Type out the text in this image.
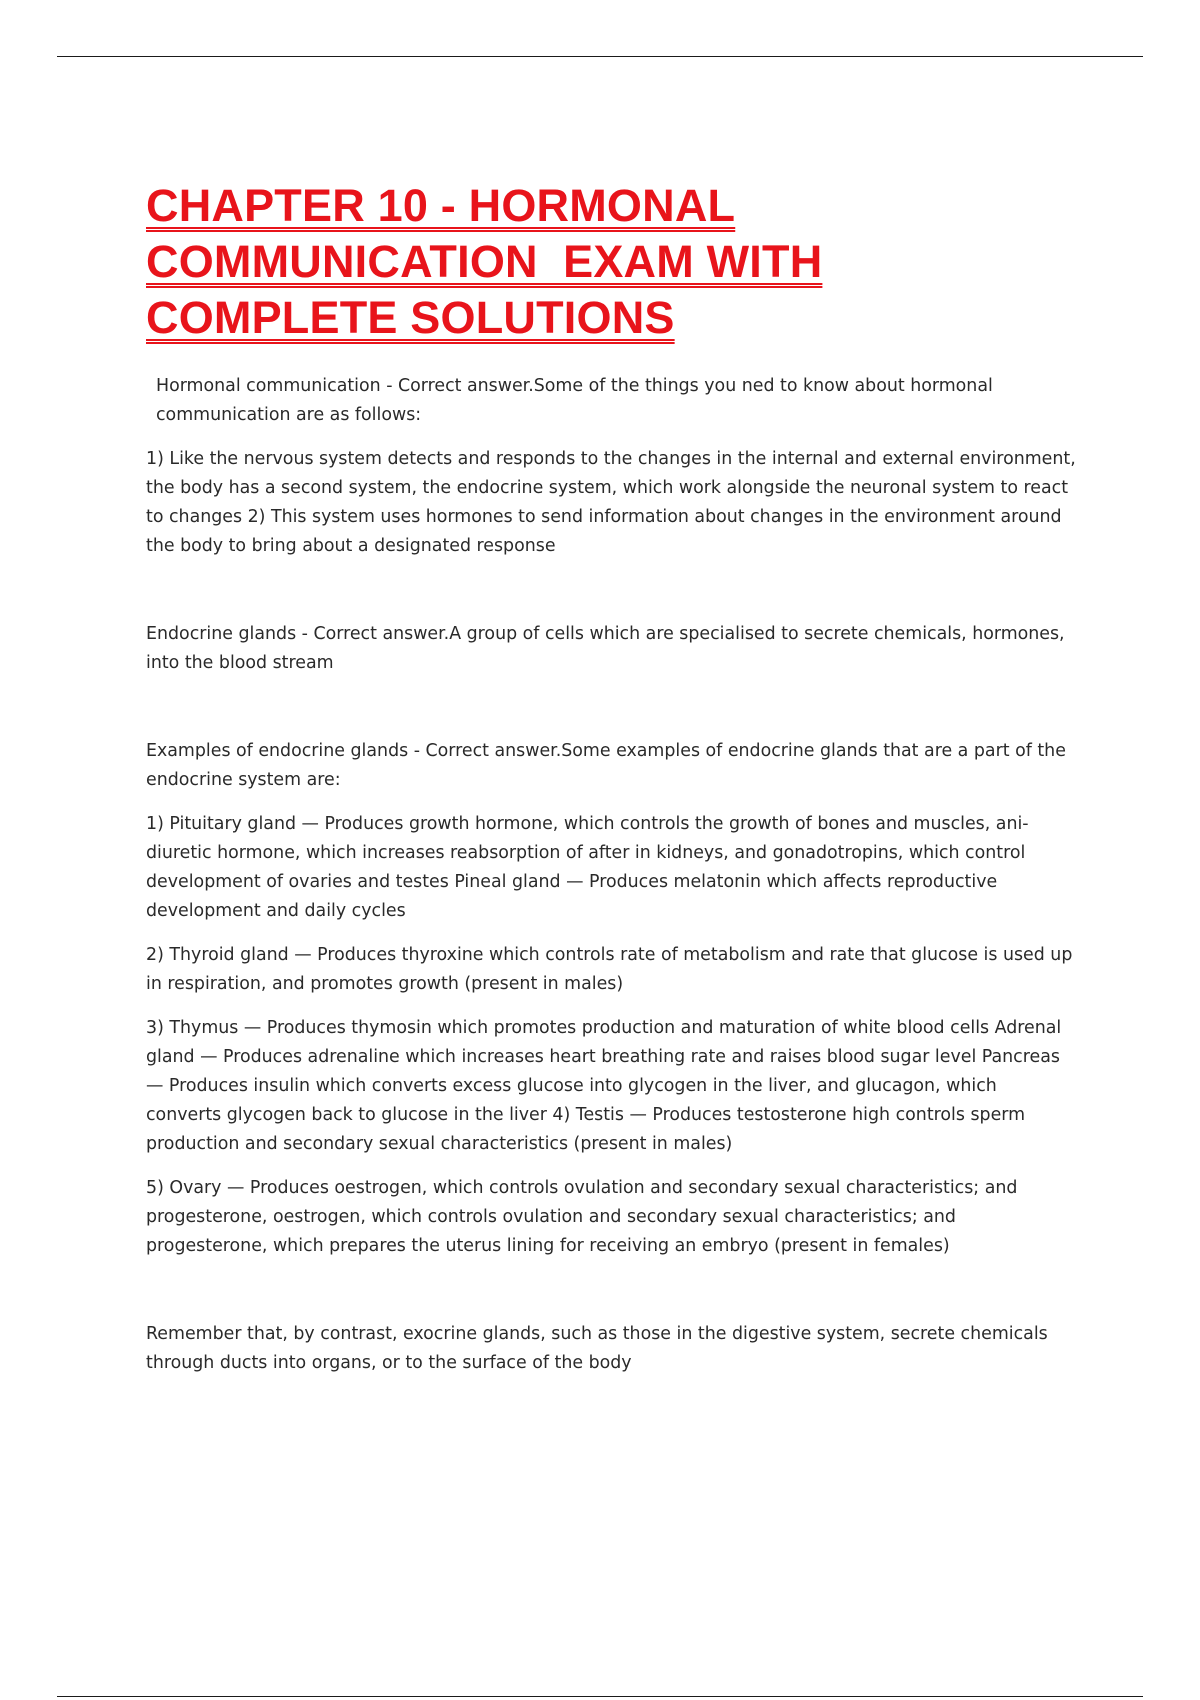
CHAPTER 10 - HORMONAL
COMMUNICATION  EXAM WITH
COMPLETE SOLUTIONS

Hormonal communication - Correct answer.Some of the things you ned to know about hormonal communication are as follows:

1) Like the nervous system detects and responds to the changes in the internal and external environment, the body has a second system, the endocrine system, which work alongside the neuronal system to react to changes 2) This system uses hormones to send information about changes in the environment around the body to bring about a designated response

Endocrine glands - Correct answer.A group of cells which are specialised to secrete chemicals, hormones, into the blood stream

Examples of endocrine glands - Correct answer.Some examples of endocrine glands that are a part of the endocrine system are:

1) Pituitary gland — Produces growth hormone, which controls the growth of bones and muscles, ani-diuretic hormone, which increases reabsorption of after in kidneys, and gonadotropins, which control development of ovaries and testes Pineal gland — Produces melatonin which affects reproductive development and daily cycles

2) Thyroid gland — Produces thyroxine which controls rate of metabolism and rate that glucose is used up in respiration, and promotes growth (present in males)

3) Thymus — Produces thymosin which promotes production and maturation of white blood cells Adrenal gland — Produces adrenaline which increases heart breathing rate and raises blood sugar level Pancreas — Produces insulin which converts excess glucose into glycogen in the liver, and glucagon, which converts glycogen back to glucose in the liver 4) Testis — Produces testosterone high controls sperm production and secondary sexual characteristics (present in males)

5) Ovary — Produces oestrogen, which controls ovulation and secondary sexual characteristics; and progesterone, oestrogen, which controls ovulation and secondary sexual characteristics; and progesterone, which prepares the uterus lining for receiving an embryo (present in females)

Remember that, by contrast, exocrine glands, such as those in the digestive system, secrete chemicals through ducts into organs, or to the surface of the body
